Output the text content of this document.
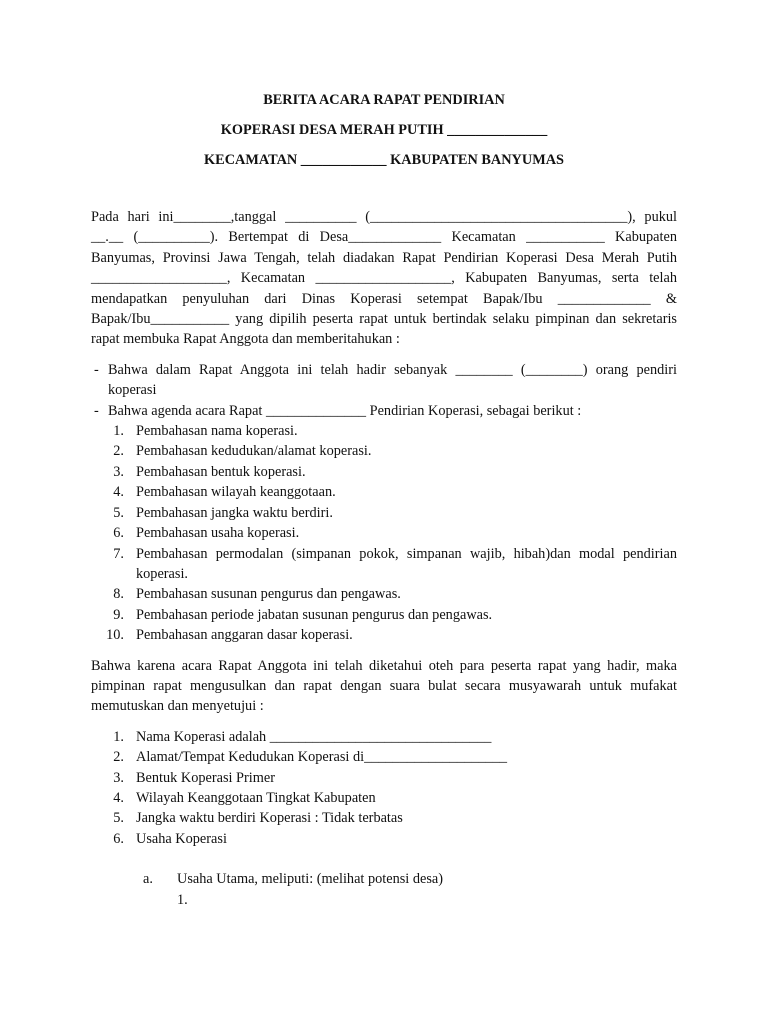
BERITA ACARA RAPAT PENDIRIAN
KOPERASI DESA MERAH PUTIH ______________
KECAMATAN ____________ KABUPATEN BANYUMAS

Pada hari ini________,tanggal __________ (____________________________________), pukul __.__ (__________). Bertempat di Desa_____________ Kecamatan ___________ Kabupaten Banyumas, Provinsi Jawa Tengah, telah diadakan Rapat Pendirian Koperasi Desa Merah Putih ___________________, Kecamatan ___________________, Kabupaten Banyumas, serta telah mendapatkan penyuluhan dari Dinas Koperasi setempat Bapak/Ibu _____________ & Bapak/Ibu___________ yang dipilih peserta rapat untuk bertindak selaku pimpinan dan sekretaris rapat membuka Rapat Anggota dan memberitahukan :

- Bahwa dalam Rapat Anggota ini telah hadir sebanyak ________ (________) orang pendiri koperasi
- Bahwa agenda acara Rapat ______________ Pendirian Koperasi, sebagai berikut :
1. Pembahasan nama koperasi.
2. Pembahasan kedudukan/alamat koperasi.
3. Pembahasan bentuk koperasi.
4. Pembahasan wilayah keanggotaan.
5. Pembahasan jangka waktu berdiri.
6. Pembahasan usaha koperasi.
7. Pembahasan permodalan (simpanan pokok, simpanan wajib, hibah)dan modal pendirian koperasi.
8. Pembahasan susunan pengurus dan pengawas.
9. Pembahasan periode jabatan susunan pengurus dan pengawas.
10. Pembahasan anggaran dasar koperasi.

Bahwa karena acara Rapat Anggota ini telah diketahui oteh para peserta rapat yang hadir, maka pimpinan rapat mengusulkan dan rapat dengan suara bulat secara musyawarah untuk mufakat memutuskan dan menyetujui :

1. Nama Koperasi adalah _______________________________
2. Alamat/Tempat Kedudukan Koperasi di____________________
3. Bentuk Koperasi Primer
4. Wilayah Keanggotaan Tingkat Kabupaten
5. Jangka waktu berdiri Koperasi : Tidak terbatas
6. Usaha Koperasi
a. Usaha Utama, meliputi: (melihat potensi desa)
1.
